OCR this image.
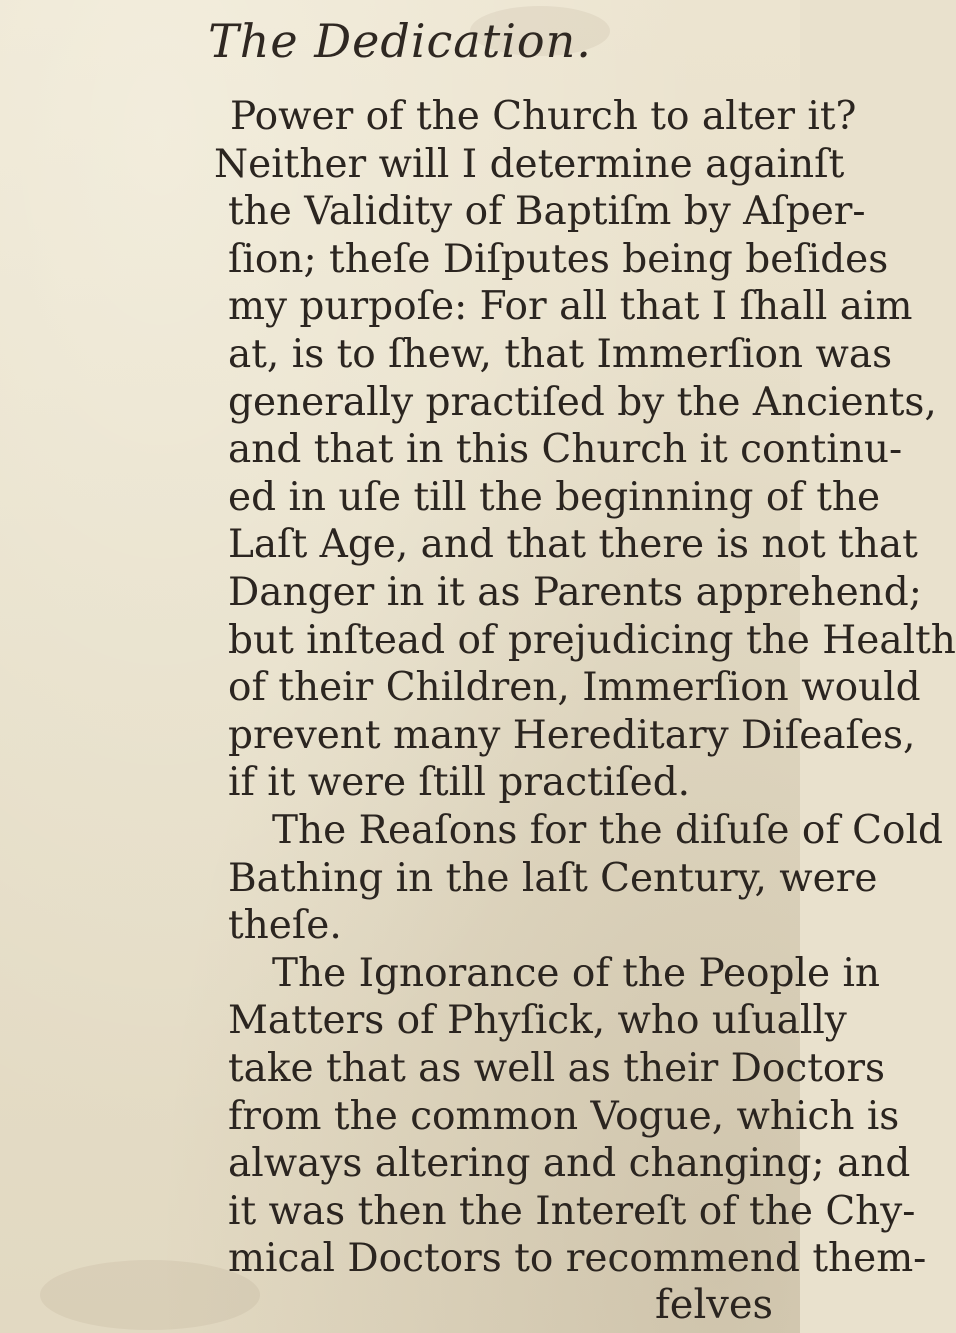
The Dedication.
Power of the Church to alter it?
Neither will I determine againſt
the Validity of Baptiſm by Aſper-
ſion; theſe Diſputes being beſides
my purpoſe: For all that I ſhall aim
at, is to ſhew, that Immerſion was
generally practiſed by the Ancients,
and that in this Church it continu-
ed in uſe till the beginning of the
Laſt Age, and that there is not that
Danger in it as Parents apprehend;
but inſtead of prejudicing the Health
of their Children, Immerſion would
prevent many Hereditary Diſeaſes,
if it were ſtill practiſed.
The Reaſons for the diſuſe of Cold
Bathing in the laſt Century, were
theſe.
The Ignorance of the People in
Matters of Phyſick, who uſually
take that as well as their Doctors
from the common Vogue, which is
always altering and changing; and
it was then the Intereſt of the Chy-
mical Doctors to recommend them-
felves
